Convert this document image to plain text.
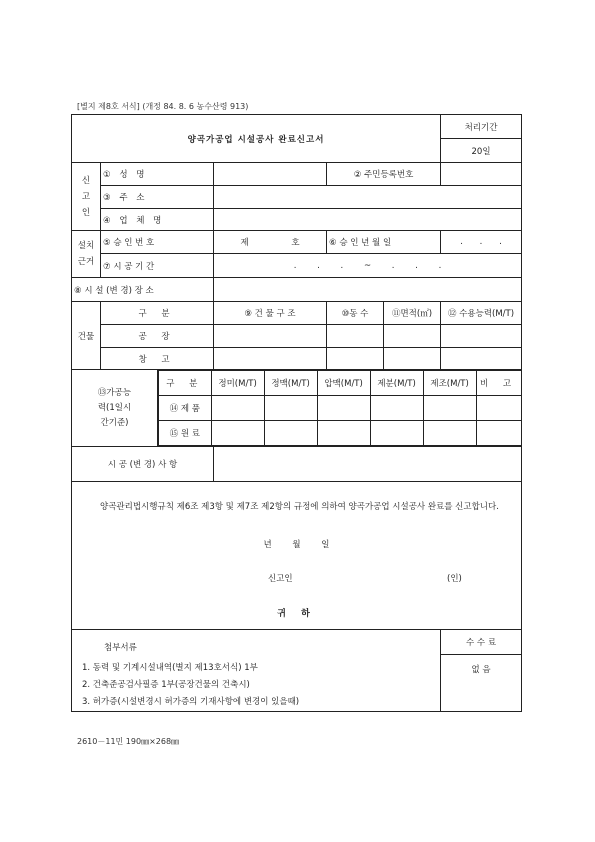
[별지 제8호 서식] (개정 84. 8. 6 농수산령 913)
양곡가공업 시설공사 완료신고서	처리기간
20일

신
고
인
	① 성 명		② 주민등록번호	
③ 주 소	
④ 업 체 명	

설치
근거
	⑤ 승 인 번 호	제 호	⑥ 승 인 년 월 일	. . .
⑦ 시 공 기 간	. . . ~ . . .
⑧ 시 설 (변 경) 장 소	
건물	구 분	⑨ 건 물 구 조	⑩동 수	⑪면적(㎡)	⑫ 수용능력(M/T)
공 장				
창 고				

⑬가공능
력(1일시
간기준)

구 분	정미(M/T)	정맥(M/T)	압맥(M/T)	제분(M/T)	제조(M/T)	비 고
⑭ 제 품						
⑮ 원 료						

시 공 (변 경) 사 항	

양곡관리법시행규칙 제6조 제3항 및 제7조 제2항의 규정에 의하여 양곡가공업 시설공사 완료를 신고합니다.

년 월 일

신고인	(인)

귀 하

첨부서류
1. 동력 및 기계시설내역(별지 제13호서식) 1부
2. 건축준공검사필증 1부(공장건물의 건축시)
3. 허가증(시설변경시 허가증의 기재사항에 변경이 있을때)
	수 수 료
없 음
2610－11민 190㎜×268㎜
